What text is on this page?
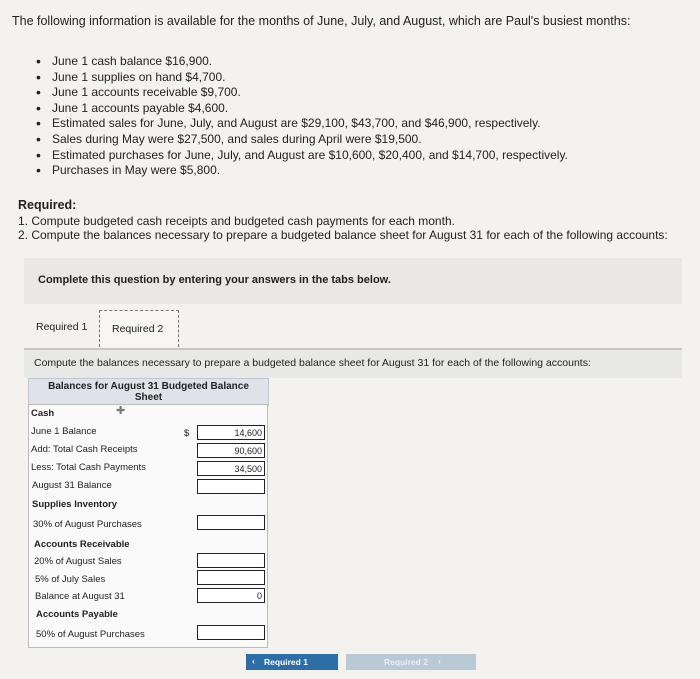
The following information is available for the months of June, July, and August, which are Paul's busiest months:
• June 1 cash balance $16,900.
• June 1 supplies on hand $4,700.
• June 1 accounts receivable $9,700.
• June 1 accounts payable $4,600.
• Estimated sales for June, July, and August are $29,100, $43,700, and $46,900, respectively.
• Sales during May were $27,500, and sales during April were $19,500.
• Estimated purchases for June, July, and August are $10,600, $20,400, and $14,700, respectively.
• Purchases in May were $5,800.
Required:
1. Compute budgeted cash receipts and budgeted cash payments for each month.
2. Compute the balances necessary to prepare a budgeted balance sheet for August 31 for each of the following accounts:
Complete this question by entering your answers in the tabs below.
Required 1 Required 2
Compute the balances necessary to prepare a budgeted balance sheet for August 31 for each of the following accounts:
Balances for August 31 Budgeted Balance
Sheet
Cash
June 1 Balance
Add: Total Cash Receipts
Less: Total Cash Payments
August 31 Balance
Supplies Inventory
30% of August Purchases
Accounts Receivable
20% of August Sales
5% of July Sales
Balance at August 31
Accounts Payable
50% of August Purchases
✚
$	14,600
90,600
34,500
0
‹ Required 1	Required 2 ›
